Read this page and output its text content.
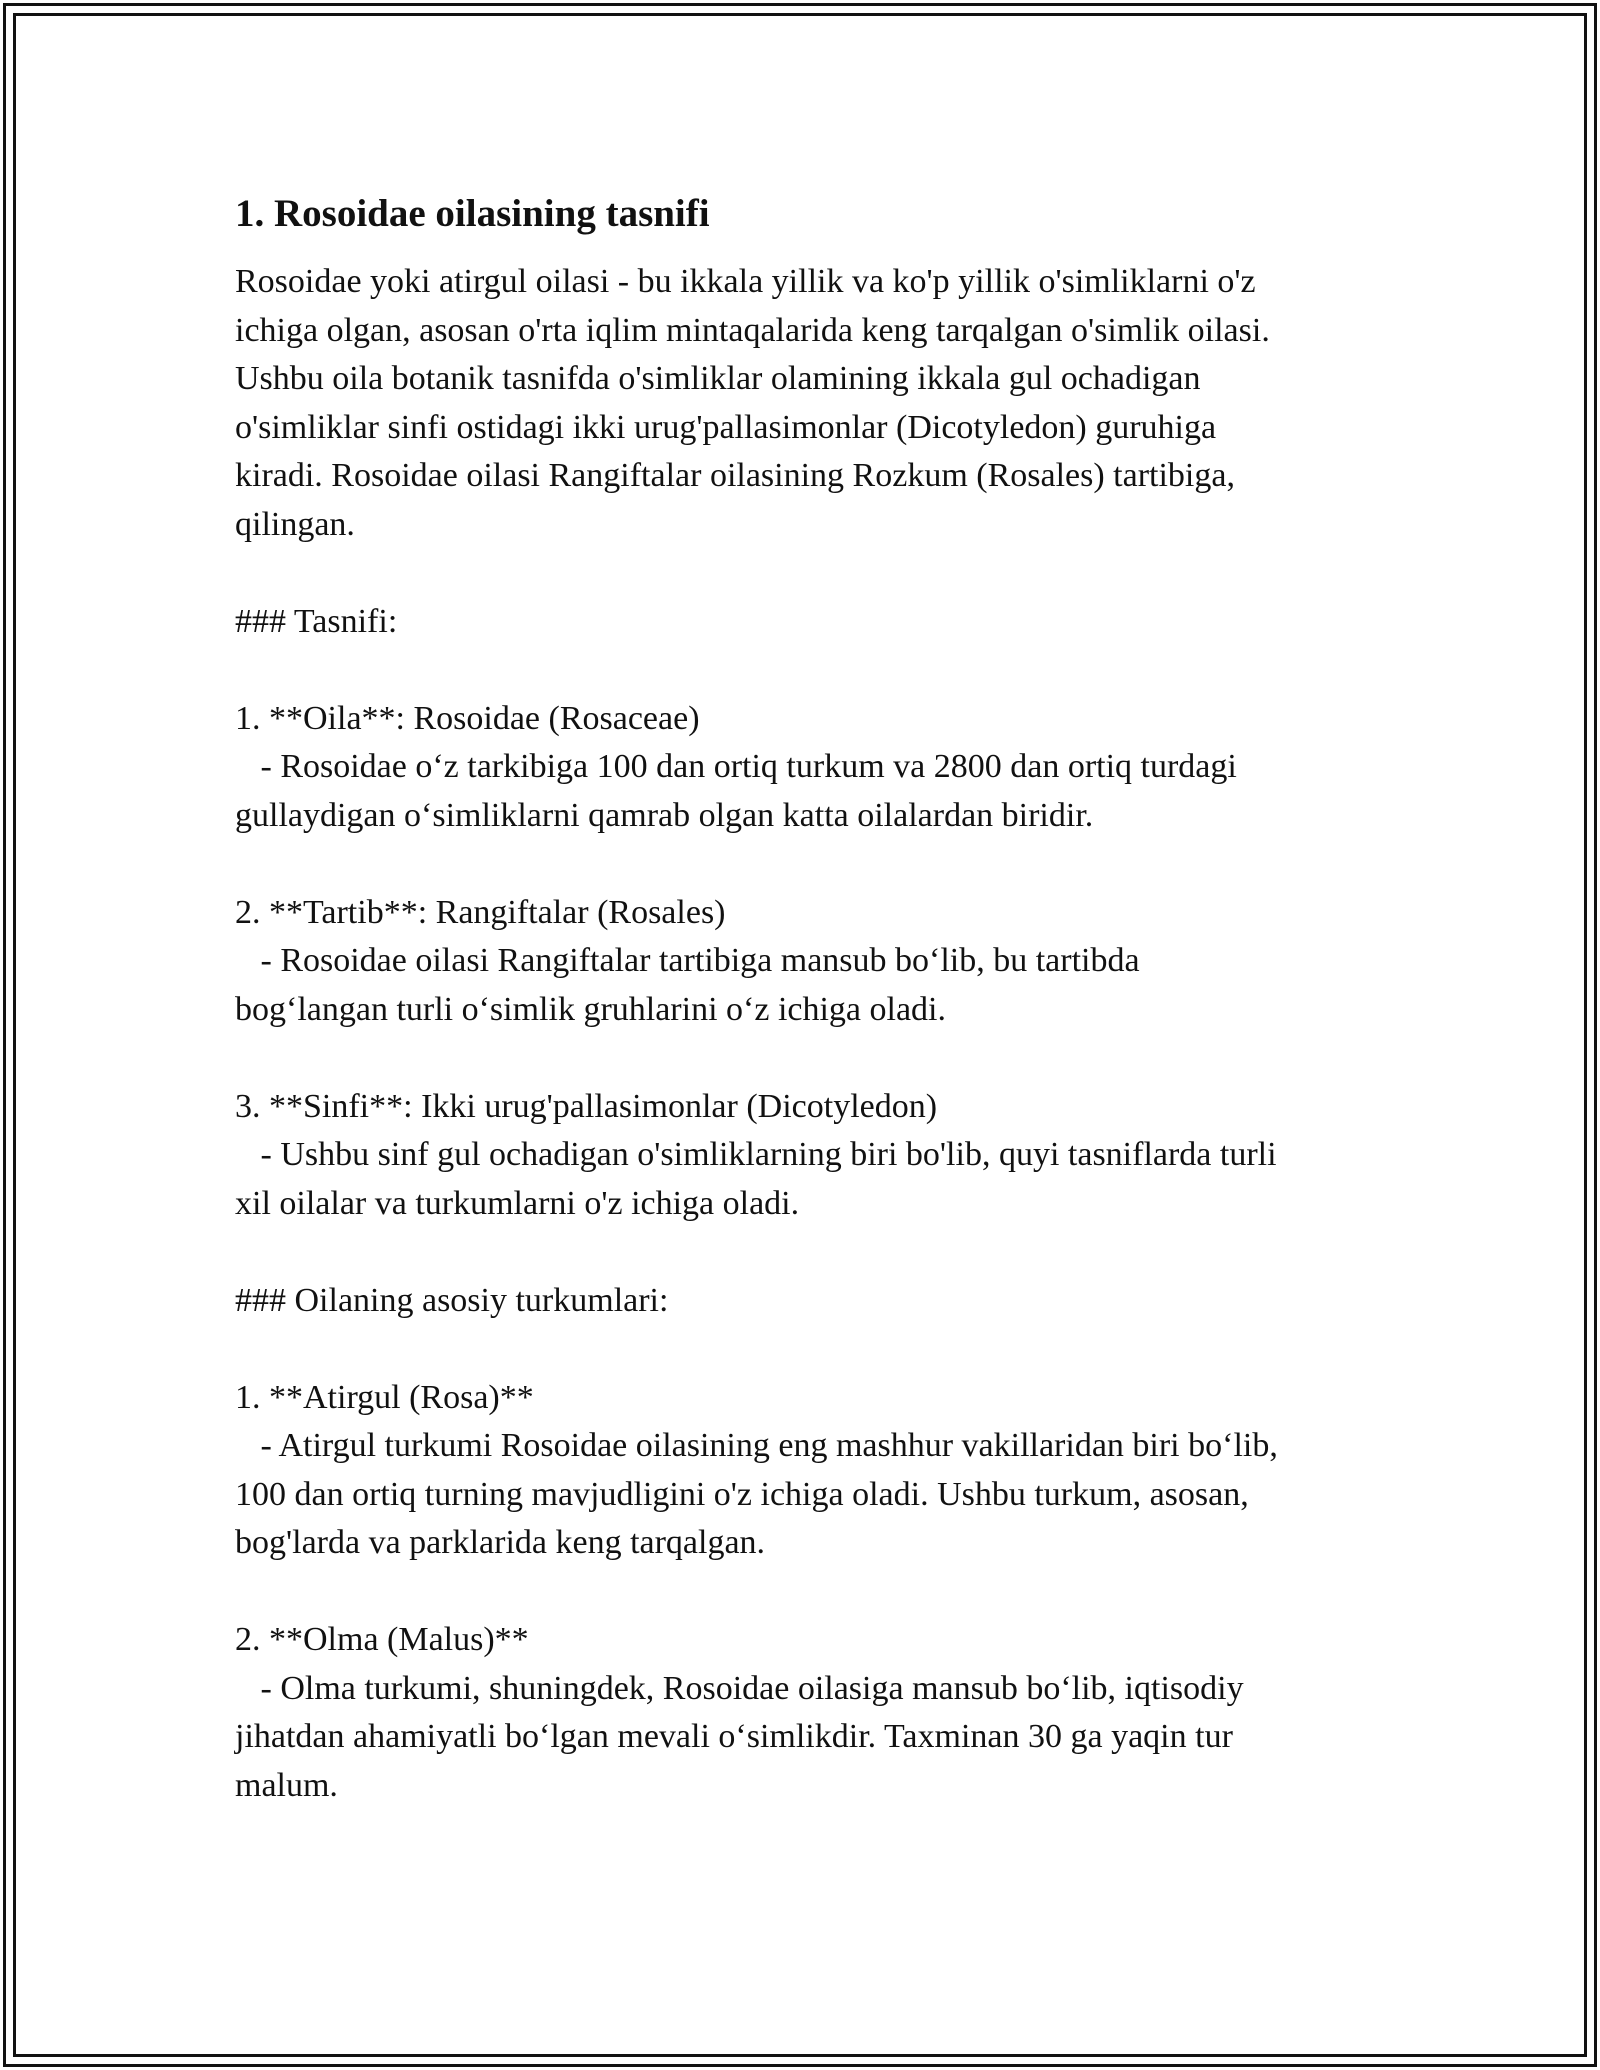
1. Rosoidae oilasining tasnifi
Rosoidae yoki atirgul oilasi - bu ikkala yillik va ko'p yillik o'simliklarni o'z
ichiga olgan, asosan o'rta iqlim mintaqalarida keng tarqalgan o'simlik oilasi.
Ushbu oila botanik tasnifda o'simliklar olamining ikkala gul ochadigan
o'simliklar sinfi ostidagi ikki urug'pallasimonlar (Dicotyledon) guruhiga
kiradi. Rosoidae oilasi Rangiftalar oilasining Rozkum (Rosales) tartibiga,
qilingan.

### Tasnifi:

1. **Oila**: Rosoidae (Rosaceae)
- Rosoidae o‘z tarkibiga 100 dan ortiq turkum va 2800 dan ortiq turdagi
gullaydigan o‘simliklarni qamrab olgan katta oilalardan biridir.

2. **Tartib**: Rangiftalar (Rosales)
- Rosoidae oilasi Rangiftalar tartibiga mansub bo‘lib, bu tartibda
bog‘langan turli o‘simlik gruhlarini o‘z ichiga oladi.

3. **Sinfi**: Ikki urug'pallasimonlar (Dicotyledon)
- Ushbu sinf gul ochadigan o'simliklarning biri bo'lib, quyi tasniflarda turli
xil oilalar va turkumlarni o'z ichiga oladi.

### Oilaning asosiy turkumlari:

1. **Atirgul (Rosa)**
- Atirgul turkumi Rosoidae oilasining eng mashhur vakillaridan biri bo‘lib,
100 dan ortiq turning mavjudligini o'z ichiga oladi. Ushbu turkum, asosan,
bog'larda va parklarida keng tarqalgan.

2. **Olma (Malus)**
- Olma turkumi, shuningdek, Rosoidae oilasiga mansub bo‘lib, iqtisodiy
jihatdan ahamiyatli bo‘lgan mevali o‘simlikdir. Taxminan 30 ga yaqin tur
malum.
